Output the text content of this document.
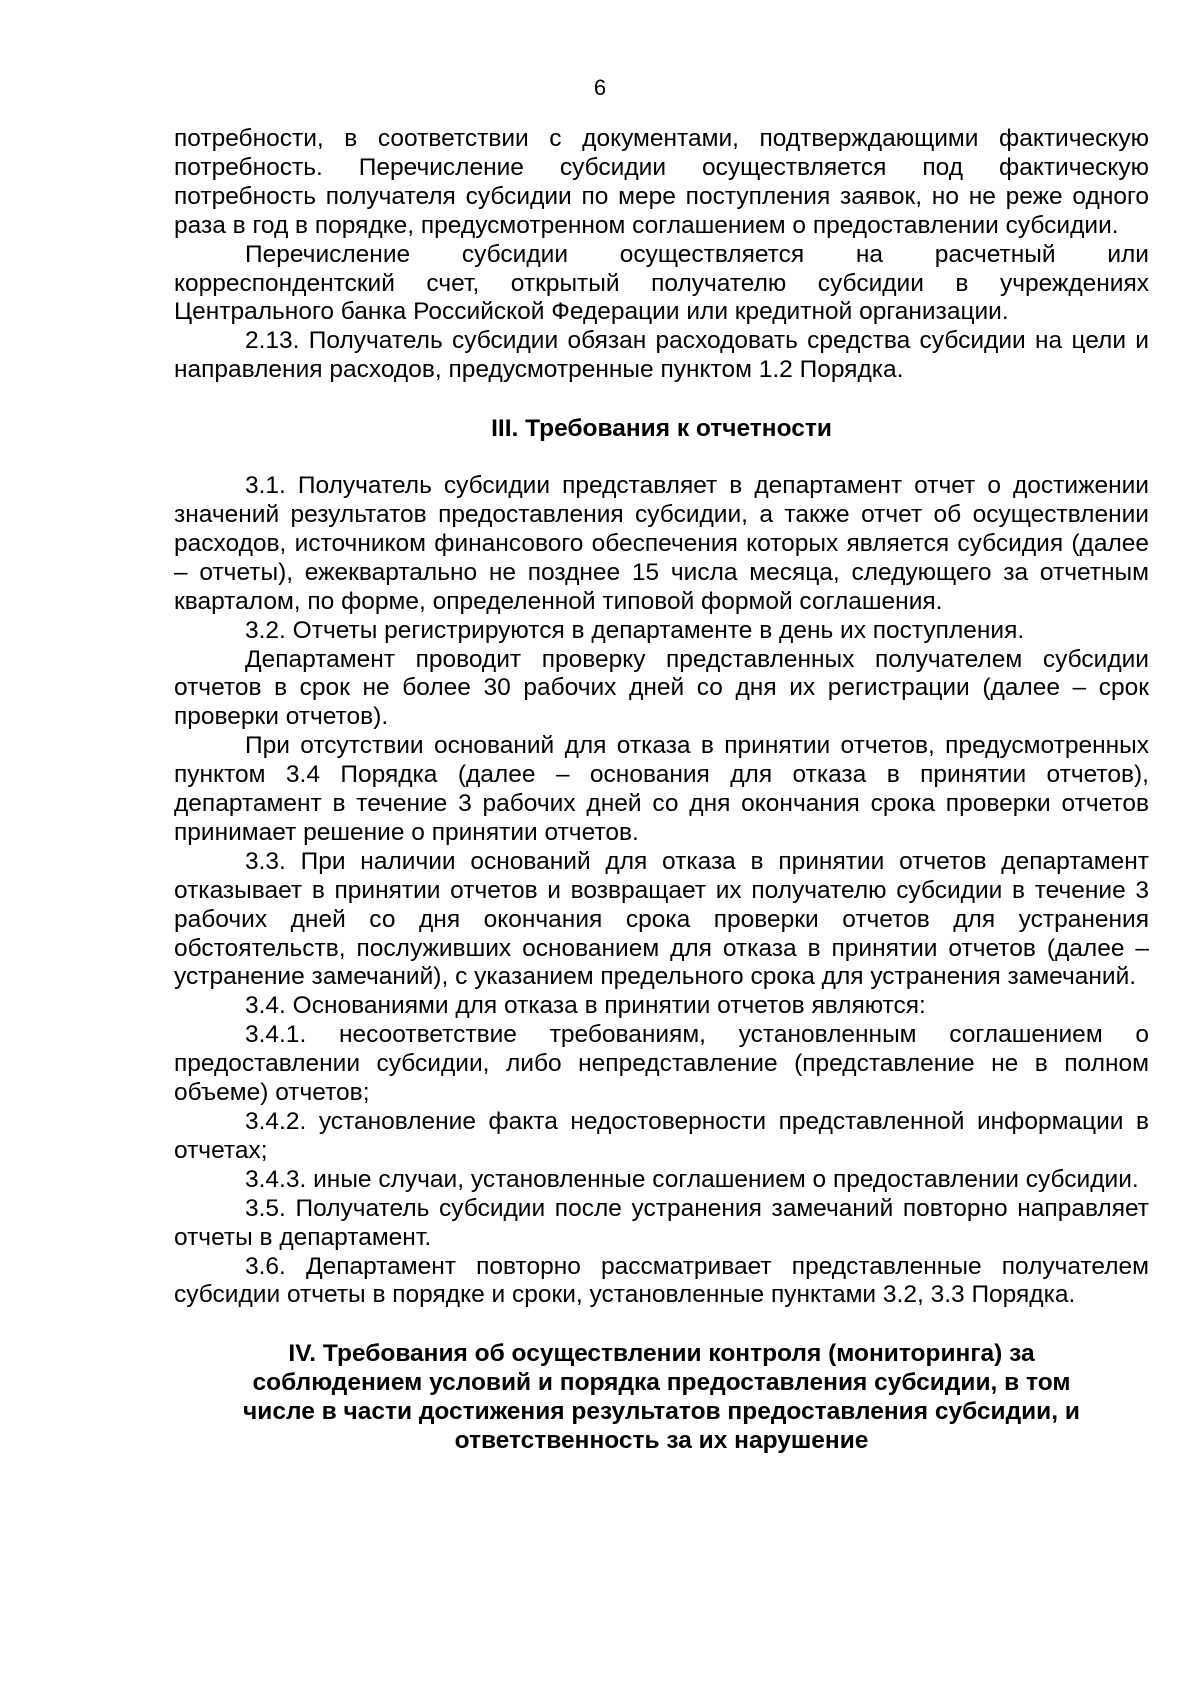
6

потребности, в соответствии с документами, подтверждающими фактическую потребность. Перечисление субсидии осуществляется под фактическую потребность получателя субсидии по мере поступления заявок, но не реже одного раза в год в порядке, предусмотренном соглашением о предоставлении субсидии.

Перечисление субсидии осуществляется на расчетный или корреспондентский счет, открытый получателю субсидии в учреждениях Центрального банка Российской Федерации или кредитной организации.

2.13. Получатель субсидии обязан расходовать средства субсидии на цели и направления расходов, предусмотренные пунктом 1.2 Порядка.

III. Требования к отчетности

3.1. Получатель субсидии представляет в департамент отчет о достижении значений результатов предоставления субсидии, а также отчет об осуществлении расходов, источником финансового обеспечения которых является субсидия (далее – отчеты), ежеквартально не позднее 15 числа месяца, следующего за отчетным кварталом, по форме, определенной типовой формой соглашения.

3.2. Отчеты регистрируются в департаменте в день их поступления.

Департамент проводит проверку представленных получателем субсидии отчетов в срок не более 30 рабочих дней со дня их регистрации (далее – срок проверки отчетов).

При отсутствии оснований для отказа в принятии отчетов, предусмотренных пунктом 3.4 Порядка (далее – основания для отказа в принятии отчетов), департамент в течение 3 рабочих дней со дня окончания срока проверки отчетов принимает решение о принятии отчетов.

3.3. При наличии оснований для отказа в принятии отчетов департамент отказывает в принятии отчетов и возвращает их получателю субсидии в течение 3 рабочих дней со дня окончания срока проверки отчетов для устранения обстоятельств, послуживших основанием для отказа в принятии отчетов (далее – устранение замечаний), с указанием предельного срока для устранения замечаний.

3.4. Основаниями для отказа в принятии отчетов являются:

3.4.1. несоответствие требованиям, установленным соглашением о предоставлении субсидии, либо непредставление (представление не в полном объеме) отчетов;

3.4.2. установление факта недостоверности представленной информации в отчетах;

3.4.3. иные случаи, установленные соглашением о предоставлении субсидии.

3.5. Получатель субсидии после устранения замечаний повторно направляет отчеты в департамент.

3.6. Департамент повторно рассматривает представленные получателем субсидии отчеты в порядке и сроки, установленные пунктами 3.2, 3.3 Порядка.

IV. Требования об осуществлении контроля (мониторинга) за соблюдением условий и порядка предоставления субсидии, в том числе в части достижения результатов предоставления субсидии, и ответственность за их нарушение
